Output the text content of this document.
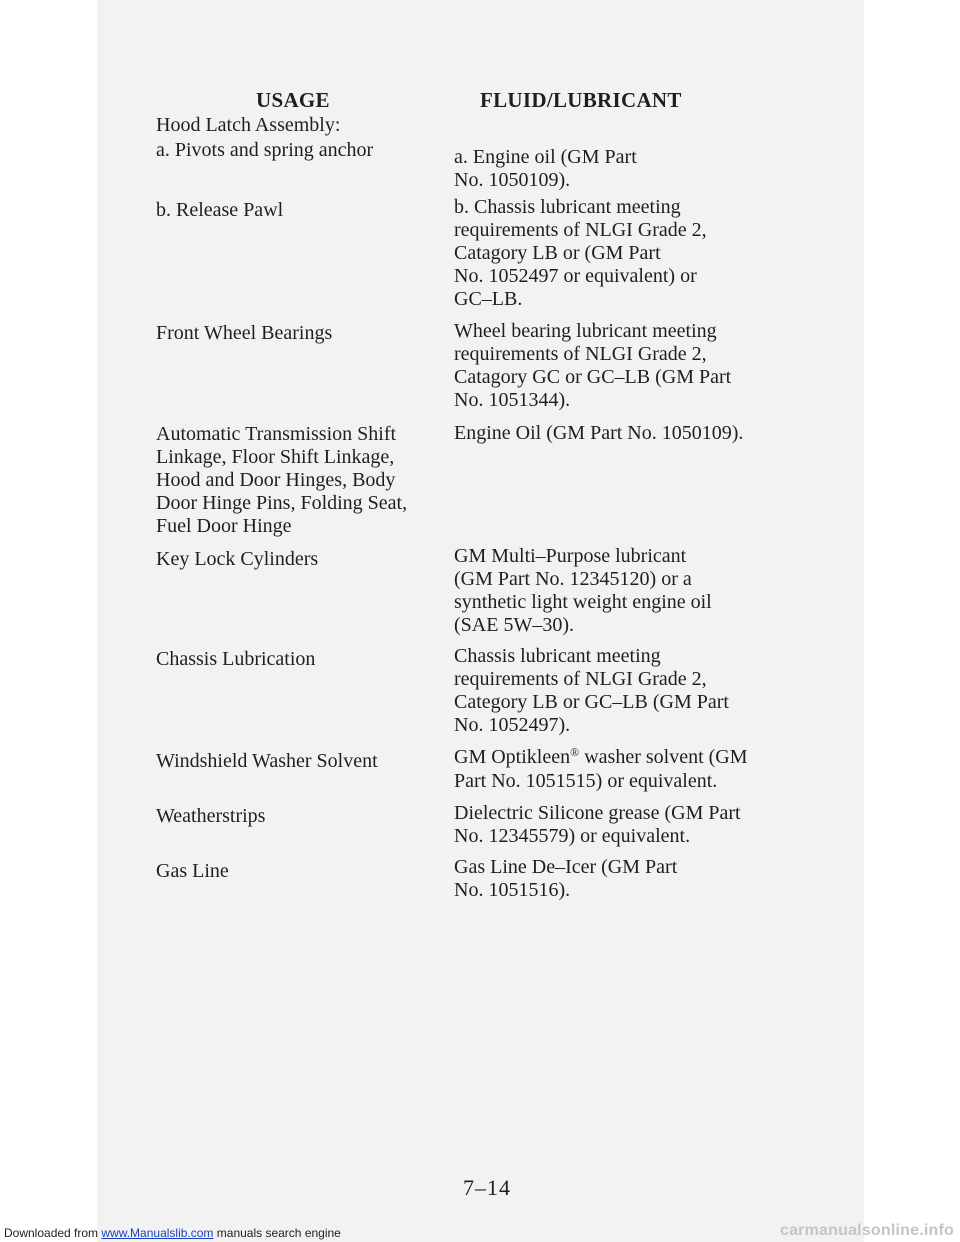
USAGE	FLUID/LUBRICANT
Hood Latch Assembly:
a. Pivots and spring anchor
b. Release Pawl
Front Wheel Bearings
Automatic Transmission Shift
Linkage, Floor Shift Linkage,
Hood and Door Hinges, Body
Door Hinge Pins, Folding Seat,
Fuel Door Hinge
Key Lock Cylinders
Chassis Lubrication
Windshield Washer Solvent
Weatherstrips
Gas Line
a. Engine oil (GM Part
No. 1050109).
b. Chassis lubricant meeting
requirements of NLGI Grade 2,
Catagory LB or (GM Part
No. 1052497 or equivalent) or
GC–LB.
Wheel bearing lubricant meeting
requirements of NLGI Grade 2,
Catagory GC or GC–LB (GM Part
No. 1051344).
Engine Oil (GM Part No. 1050109).
GM Multi–Purpose lubricant
(GM Part No. 12345120) or a
synthetic light weight engine oil
(SAE 5W–30).
Chassis lubricant meeting
requirements of NLGI Grade 2,
Category LB or GC–LB (GM Part
No. 1052497).
GM Optikleen® washer solvent (GM
Part No. 1051515) or equivalent.
Dielectric Silicone grease (GM Part
No. 12345579) or equivalent.
Gas Line De–Icer (GM Part
No. 1051516).
7–14
Downloaded from www.Manualslib.com manuals search engine	carmanualsonline.info
